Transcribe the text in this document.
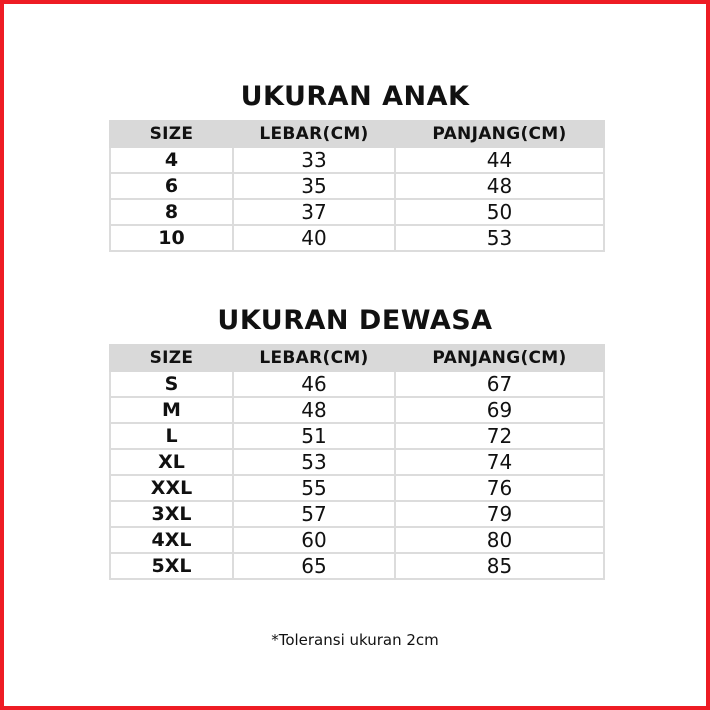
UKURAN ANAK
SIZE	LEBAR(CM)	PANJANG(CM)
4	33	44
6	35	48
8	37	50
10	40	53
UKURAN DEWASA
SIZE	LEBAR(CM)	PANJANG(CM)
S	46	67
M	48	69
L	51	72
XL	53	74
XXL	55	76
3XL	57	79
4XL	60	80
5XL	65	85

*Toleransi ukuran 2cm
